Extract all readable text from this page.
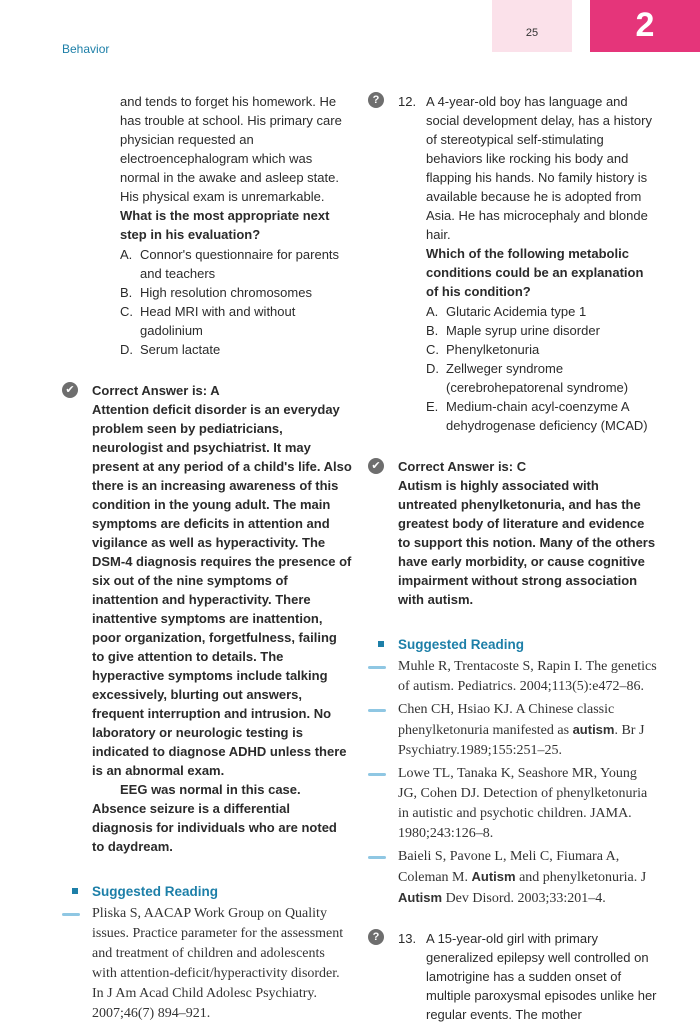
Behavior
25	2
and tends to forget his homework. He has trouble at school. His primary care physician requested an electroencephalogram which was normal in the awake and asleep state. His physical exam is unremarkable.
What is the most appropriate next step in his evaluation?
A. Connor's questionnaire for parents and teachers
B. High resolution chromosomes
C. Head MRI with and without gadolinium
D. Serum lactate
✔ Correct Answer is: A
Attention deficit disorder is an everyday problem seen by pediatricians, neurologist and psychiatrist. It may present at any period of a child's life. Also there is an increasing awareness of this condition in the young adult. The main symptoms are deficits in attention and vigilance as well as hyperactivity. The DSM-4 diagnosis requires the presence of six out of the nine symptoms of inattention and hyperactivity. There inattentive symptoms are inattention, poor organization, forgetfulness, failing to give attention to details. The hyperactive symptoms include talking excessively, blurting out answers, frequent interruption and intrusion. No laboratory or neurologic testing is indicated to diagnose ADHD unless there is an abnormal exam.
EEG was normal in this case. Absence seizure is a differential diagnosis for individuals who are noted to daydream.
Suggested Reading
Pliska S, AACAP Work Group on Quality issues. Practice parameter for the assessment and treatment of children and adolescents with attention-deficit/hyperactivity disorder. In J Am Acad Child Adolesc Psychiatry. 2007;46(7) 894–921.
?	12. A 4-year-old boy has language and social development delay, has a history of stereotypical self-stimulating behaviors like rocking his body and flapping his hands. No family history is available because he is adopted from Asia. He has microcephaly and blonde hair.
Which of the following metabolic conditions could be an explanation of his condition?
A. Glutaric Acidemia type 1
B. Maple syrup urine disorder
C. Phenylketonuria
D. Zellweger syndrome (cerebrohepatorenal syndrome)
E. Medium-chain acyl-coenzyme A dehydrogenase deficiency (MCAD)
✔ Correct Answer is: C
Autism is highly associated with untreated phenylketonuria, and has the greatest body of literature and evidence to support this notion. Many of the others have early morbidity, or cause cognitive impairment without strong association with autism.
Suggested Reading
Muhle R, Trentacoste S, Rapin I. The genetics of autism. Pediatrics. 2004;113(5):e472–86.
Chen CH, Hsiao KJ. A Chinese classic phenylketonuria manifested as autism. Br J Psychiatry.1989;155:251–25.
Lowe TL, Tanaka K, Seashore MR, Young JG, Cohen DJ. Detection of phenylketonuria in autistic and psychotic children. JAMA. 1980;243:126–8.
Baieli S, Pavone L, Meli C, Fiumara A, Coleman M. Autism and phenylketonuria. J Autism Dev Disord. 2003;33:201–4.
?	13. A 15-year-old girl with primary generalized epilepsy well controlled on lamotrigine has a sudden onset of multiple paroxysmal episodes unlike her regular events. The mother
